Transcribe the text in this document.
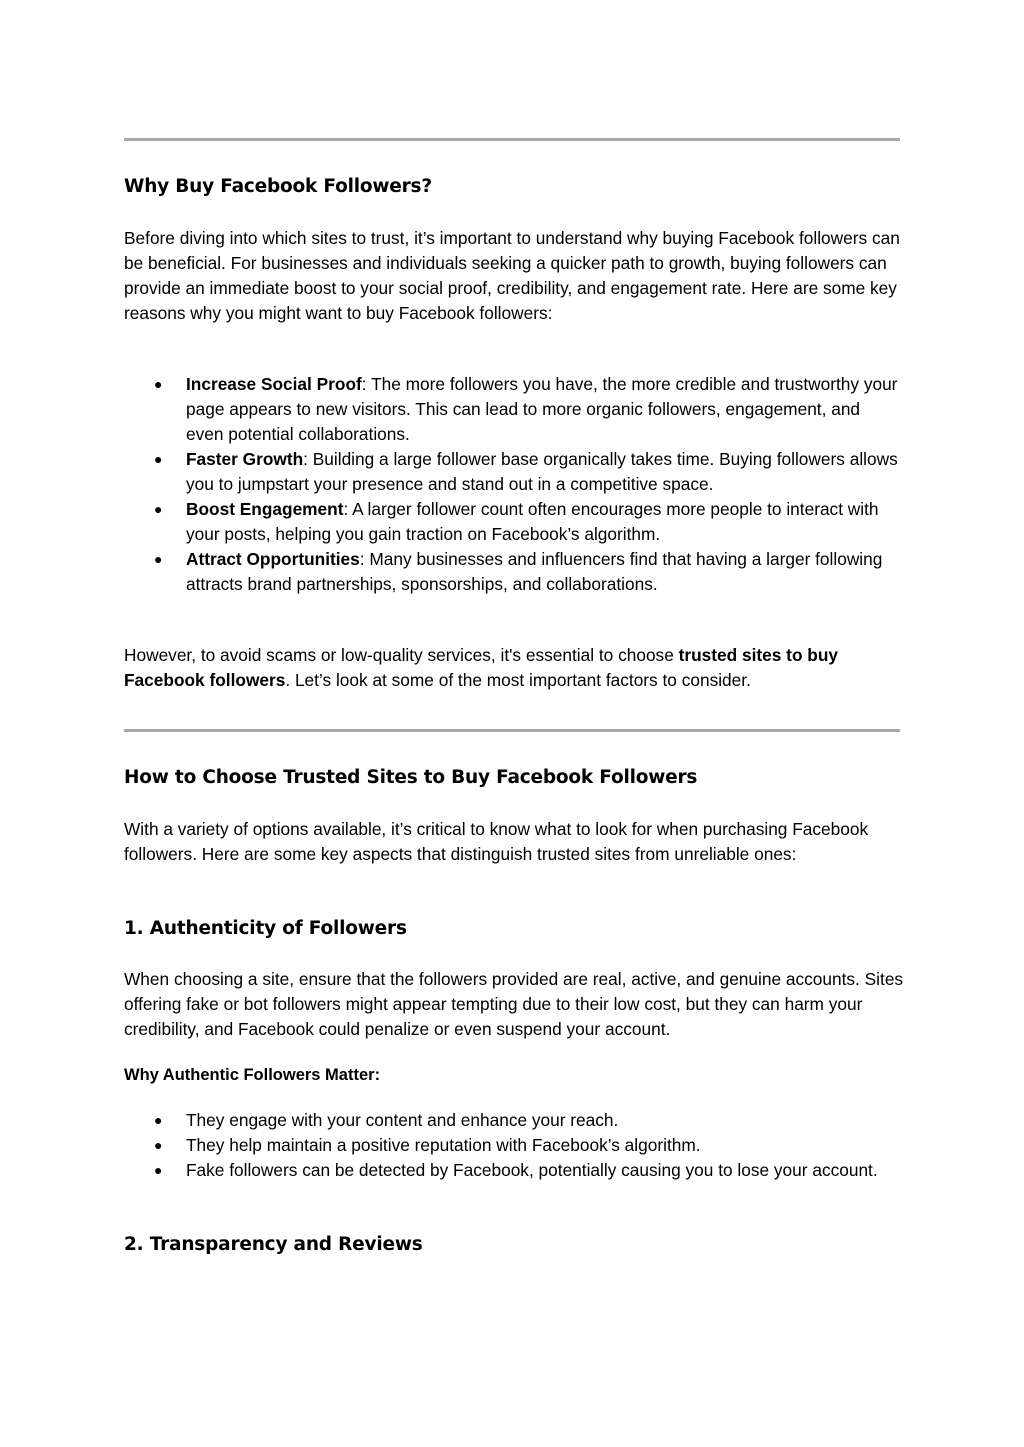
Why Buy Facebook Followers?

Before diving into which sites to trust, it’s important to understand why buying Facebook followers can be beneficial. For businesses and individuals seeking a quicker path to growth, buying followers can provide an immediate boost to your social proof, credibility, and engagement rate. Here are some key reasons why you might want to buy Facebook followers:

● Increase Social Proof: The more followers you have, the more credible and trustworthy your page appears to new visitors. This can lead to more organic followers, engagement, and even potential collaborations.
● Faster Growth: Building a large follower base organically takes time. Buying followers allows you to jumpstart your presence and stand out in a competitive space.
● Boost Engagement: A larger follower count often encourages more people to interact with your posts, helping you gain traction on Facebook’s algorithm.
● Attract Opportunities: Many businesses and influencers find that having a larger following attracts brand partnerships, sponsorships, and collaborations.

However, to avoid scams or low-quality services, it's essential to choose trusted sites to buy Facebook followers. Let’s look at some of the most important factors to consider.

How to Choose Trusted Sites to Buy Facebook Followers

With a variety of options available, it’s critical to know what to look for when purchasing Facebook followers. Here are some key aspects that distinguish trusted sites from unreliable ones:

1. Authenticity of Followers

When choosing a site, ensure that the followers provided are real, active, and genuine accounts. Sites offering fake or bot followers might appear tempting due to their low cost, but they can harm your credibility, and Facebook could penalize or even suspend your account.

Why Authentic Followers Matter:

● They engage with your content and enhance your reach.
● They help maintain a positive reputation with Facebook’s algorithm.
● Fake followers can be detected by Facebook, potentially causing you to lose your account.
2. Transparency and Reviews
